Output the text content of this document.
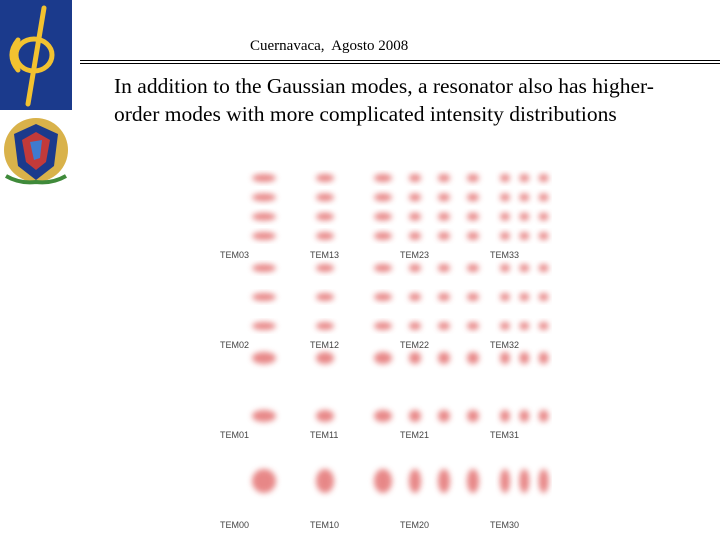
Cuernavaca,  Agosto 2008
In addition to the Gaussian modes, a resonator also has higher-order modes with more complicated intensity distributions
TEM03	TEM13	TEM23	TEM33
TEM02	TEM12	TEM22	TEM32
TEM01	TEM11	TEM21	TEM31
TEM00	TEM10	TEM20	TEM30
